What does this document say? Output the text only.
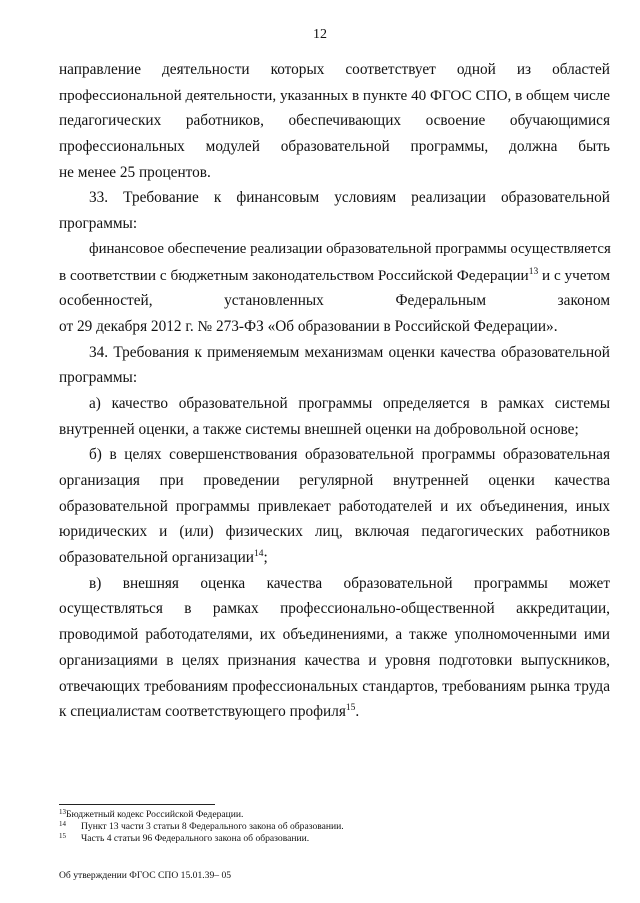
12
направление деятельности которых соответствует одной из областей
профессиональной деятельности, указанных в пункте 40 ФГОС СПО, в общем числе
педагогических работников, обеспечивающих освоение обучающимися
профессиональных модулей образовательной программы, должна быть
не менее 25 процентов.
33. Требование к финансовым условиям реализации образовательной
программы:
финансовое обеспечение реализации образовательной программы осуществляется
в соответствии с бюджетным законодательством Российской Федерации$^{13}$ и с учетом
особенностей, установленных Федеральным законом
от 29 декабря 2012 г. № 273-ФЗ «Об образовании в Российской Федерации».
34. Требования к применяемым механизмам оценки качества образовательной
программы:
а) качество образовательной программы определяется в рамках системы
внутренней оценки, а также системы внешней оценки на добровольной основе;
б) в целях совершенствования образовательной программы образовательная
организация при проведении регулярной внутренней оценки качества
образовательной программы привлекает работодателей и их объединения, иных
юридических и (или) физических лиц, включая педагогических работников
образовательной организации$^{14}$;
в) внешняя оценка качества образовательной программы может
осуществляться в рамках профессионально-общественной аккредитации,
проводимой работодателями, их объединениями, а также уполномоченными ими
организациями в целях признания качества и уровня подготовки выпускников,
отвечающих требованиям профессиональных стандартов, требованиям рынка труда
к специалистам соответствующего профиля$^{15}$.
13Бюджетный кодекс Российской Федерации.
14 Пункт 13 части 3 статьи 8 Федерального закона об образовании.
15 Часть 4 статьи 96 Федерального закона об образовании.
Об утверждении ФГОС СПО 15.01.39– 05
